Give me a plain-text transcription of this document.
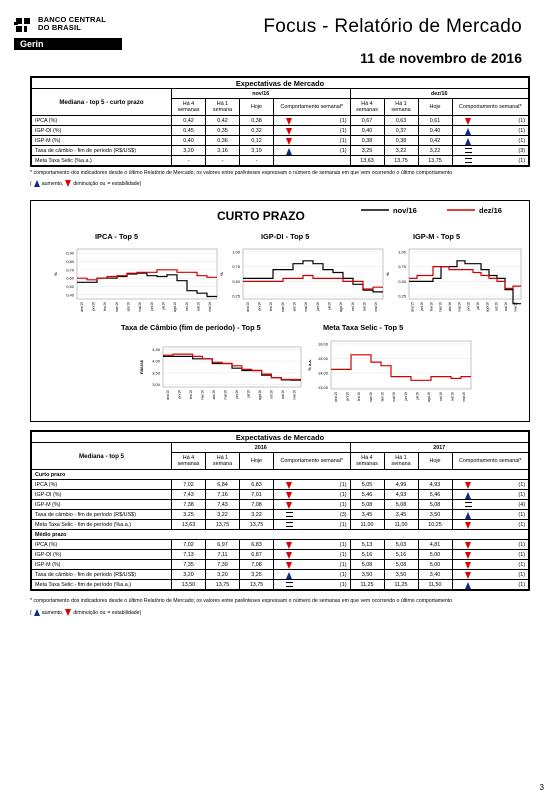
BANCO CENTRAL
DO BRASIL
Gerin
Focus - Relatório de Mercado
11 de novembro de 2016
Expectativas de Mercado								
Mediana - top 5 - curto prazo	nov/16				dez/16			
	Há 4 semanas	Há 1 semana	Hoje	Comportamento semanal*	Há 4 semanas	Há 1 semana	Hoje	Comportamento semanal*
IPCA (%)	0,42	0,42	0,38	(1)	0,67	0,63	0,61	(1)
IGP-DI (%)	0,45	0,35	0,32	(1)	0,40	0,37	0,40	(1)
IGP-M (%)	0,40	0,36	0,12	(1)	0,38	0,38	0,42	(1)
Taxa de câmbio - fim de período (R$/US$)	3,20	3,16	3,19	(1)	3,25	3,22	3,22	(3)
Meta Taxa Selic (%a.a.)	-	-	-		13,63	13,75	13,75	(1)
* comportamento dos indicadores desde o último Relatório de Mercado; os valores entre parênteses expressam o número de semanas em que vem ocorrendo o último comportamento
( aumento, diminuição ou = estabilidade)
CURTO PRAZO	nov/16	dez/16
IPCA - Top 5
0,90
0,80
0,70
0,60
0,50
0,40
%
dez/15 jan/16 fev/16 mar/16 abr/16 mai/16 jun/16 jul/16 ago/16 set/16 out/16 nov/16
IGP-DI - Top 5
1,00
0,75
0,50
0,25
%
dez/15 jan/16 fev/16 mar/16 abr/16 mai/16 jun/16 jul/16 ago/16 set/16 out/16 nov/16
IGP-M - Top 5
1,00
0,75
0,50
0,25
%
dez/15 jan/16 fev/16 mar/16 abr/16 mai/16 jun/16 jul/16 ago/16 set/16 out/16 nov/16
Taxa de Câmbio (fim de período) - Top 5
4,50
4,00
3,50
3,00
R$/US$
dez/15 jan/16 fev/16 mar/16 abr/16 mai/16 jun/16 jul/16 ago/16 set/16 out/16 nov/16
Meta Taxa Selic - Top 5
16,00
15,00
14,00
13,00
% a.a.
dez/15 jan/16 fev/16 mar/16 abr/16 mai/16 jun/16 jul/16 ago/16 set/16 out/16 nov/16
Expectativas de Mercado								
Mediana - top 5	2016				2017			
	Há 4 semanas	Há 1 semana	Hoje	Comportamento semanal*	Há 4 semanas	Há 1 semana	Hoje	Comportamento semanal*
Curto prazo								
IPCA (%)	7,02	6,84	6,83	(1)	5,05	4,99	4,93	(1)
IGP-DI (%)	7,43	7,16	7,01	(1)	5,46	4,93	5,46	(1)
IGP-M (%)	7,38	7,43	7,08	(1)	5,08	5,08	5,08	(4)
Taxa de câmbio - fim de período (R$/US$)	3,25	3,22	3,22	(3)	3,45	3,45	3,50	(1)
Meta Taxa Selic - fim de período (%a.a.)	13,63	13,75	13,75	(1)	11,00	11,00	10,25	(1)
Médio prazo								
IPCA (%)	7,02	6,97	6,83	(1)	5,13	5,03	4,81	(1)
IGP-DI (%)	7,13	7,11	6,87	(1)	5,16	5,16	5,00	(1)
IGP-M (%)	7,35	7,39	7,08	(1)	5,08	5,08	5,00	(1)
Taxa de câmbio - fim de período (R$/US$)	3,20	3,20	3,25	(1)	3,50	3,50	3,40	(1)
Meta Taxa Selic - fim de período (%a.a.)	13,50	13,75	13,75	(1)	11,25	11,25	11,50	(1)
* comportamento dos indicadores desde o último Relatório de Mercado; os valores entre parênteses expressam o número de semanas em que vem ocorrendo o último comportamento
( aumento, diminuição ou = estabilidade)
3
